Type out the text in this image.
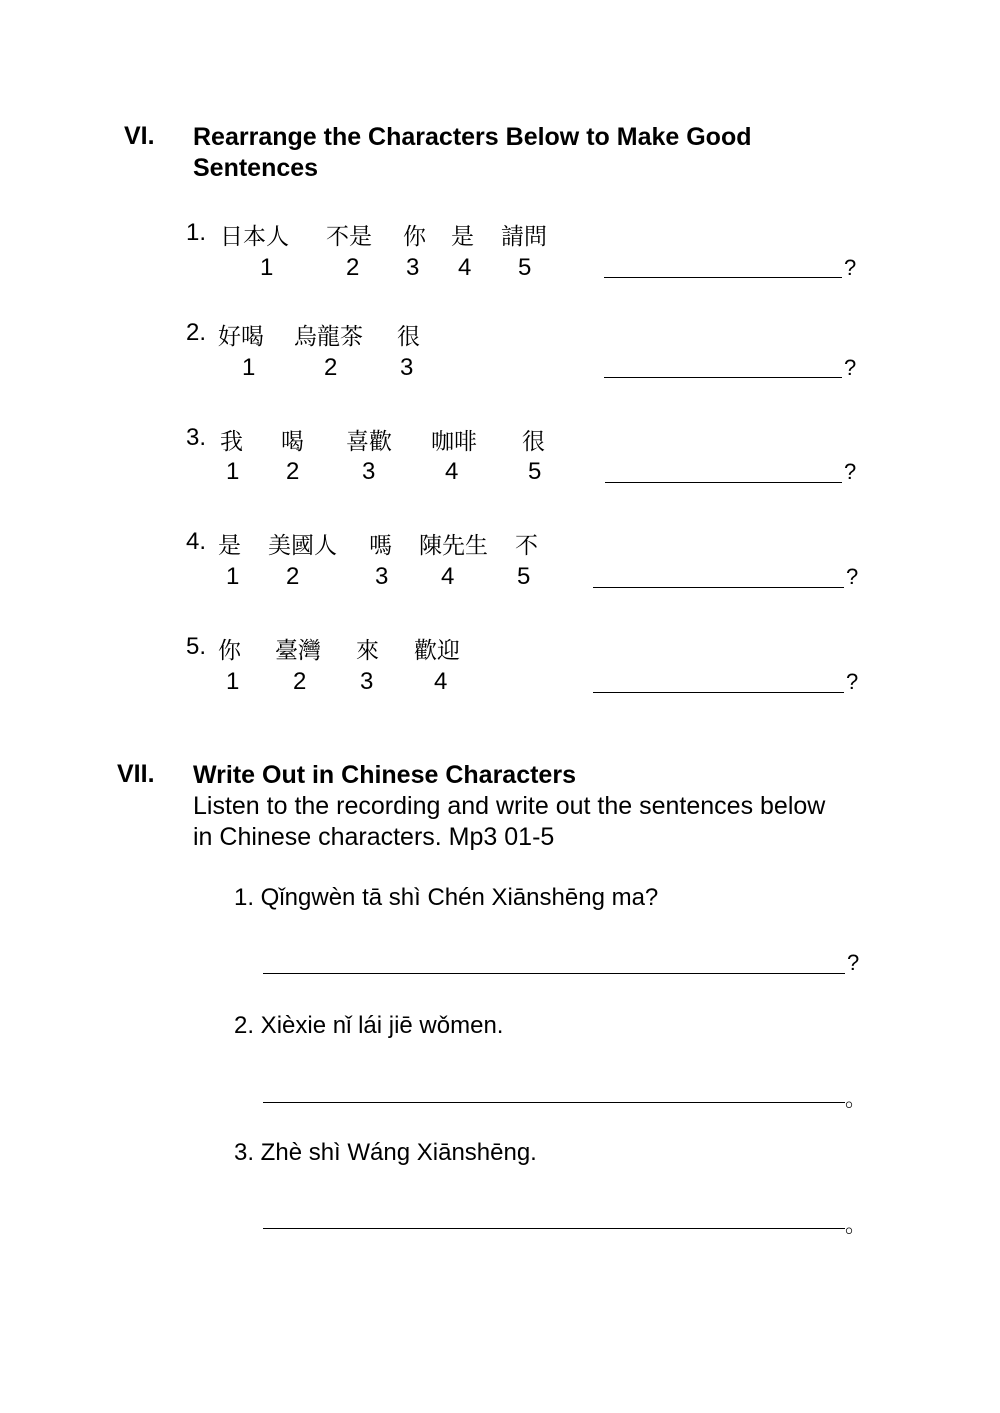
VI. Rearrange the Characters Below to Make Good
Sentences
1. 日本人 不是 你 是 請問
1	2 3 4 5	?
2. 好喝 烏龍茶 很
1	2	3	?
3. 我 喝 喜歡 咖啡 很
1 2	3	4	5	?
4. 是 美國人 嗎 陳先生 不
1 2	3 4	5	?
5. 你 臺灣 來 歡迎
1 2 3	4	?
VII. Write Out in Chinese Characters
Listen to the recording and write out the sentences below
in Chinese characters. Mp3 01-5
1. Qǐngwèn tā shì Chén Xiānshēng ma?
?
2. Xièxie nǐ lái jiē wǒmen.
。
3. Zhè shì Wáng Xiānshēng.
。
